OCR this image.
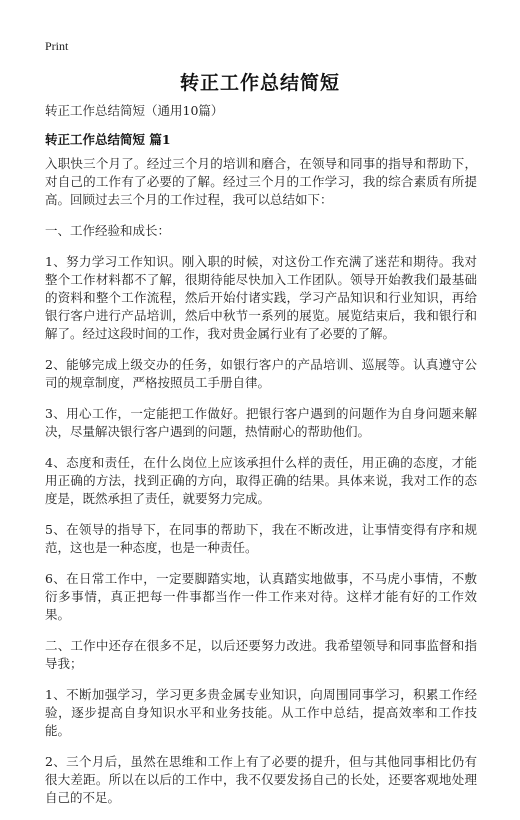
Print
转正工作总结简短
转正工作总结简短（通用10篇）
转正工作总结简短 篇1

入职快三个月了。经过三个月的培训和磨合，在领导和同事的指导和帮助下，对自己的工作有了必要的了解。经过三个月的工作学习，我的综合素质有所提高。回顾过去三个月的工作过程，我可以总结如下：

一、工作经验和成长：

1、努力学习工作知识。刚入职的时候，对这份工作充满了迷茫和期待。我对整个工作材料都不了解，很期待能尽快加入工作团队。领导开始教我们最基础的资料和整个工作流程，然后开始付诸实践，学习产品知识和行业知识，再给银行客户进行产品培训，然后中秋节一系列的展览。展览结束后，我和银行和解了。经过这段时间的工作，我对贵金属行业有了必要的了解。

2、能够完成上级交办的任务，如银行客户的产品培训、巡展等。认真遵守公司的规章制度，严格按照员工手册自律。

3、用心工作，一定能把工作做好。把银行客户遇到的问题作为自身问题来解决，尽量解决银行客户遇到的问题，热情耐心的帮助他们。

4、态度和责任，在什么岗位上应该承担什么样的责任，用正确的态度，才能用正确的方法，找到正确的方向，取得正确的结果。具体来说，我对工作的态度是，既然承担了责任，就要努力完成。

5、在领导的指导下，在同事的帮助下，我在不断改进，让事情变得有序和规范，这也是一种态度，也是一种责任。

6、在日常工作中，一定要脚踏实地，认真踏实地做事，不马虎小事情，不敷衍多事情，真正把每一件事都当作一件工作来对待。这样才能有好的工作效果。

二、工作中还存在很多不足，以后还要努力改进。我希望领导和同事监督和指导我；

1、不断加强学习，学习更多贵金属专业知识，向周围同事学习，积累工作经验，逐步提高自身知识水平和业务技能。从工作中总结，提高效率和工作技能。

2、三个月后，虽然在思维和工作上有了必要的提升，但与其他同事相比仍有很大差距。所以在以后的工作中，我不仅要发扬自己的长处，还要客观地处理自己的不足。
